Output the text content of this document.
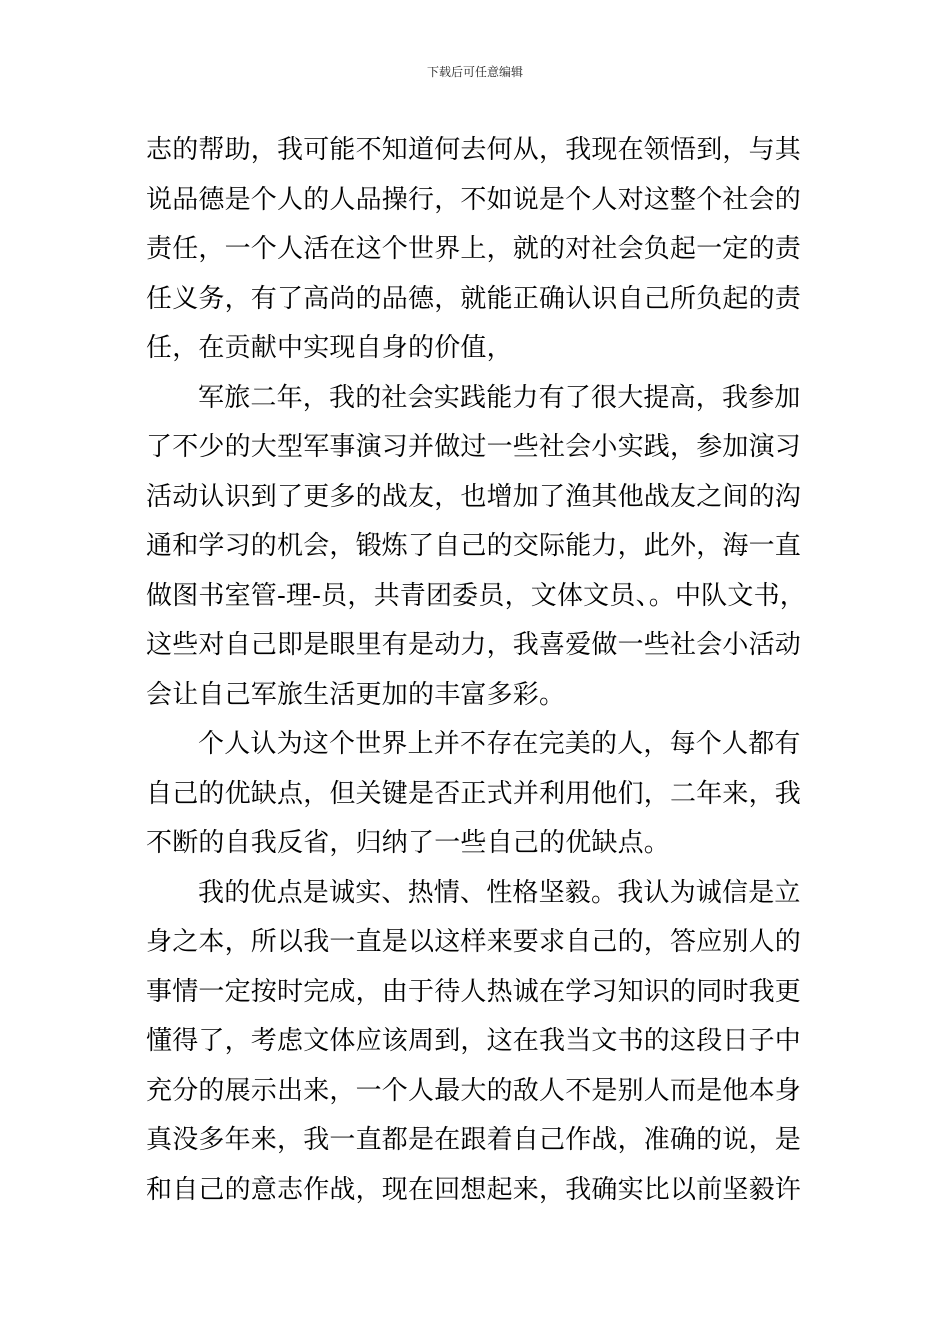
下载后可任意编辑
志的帮助，我可能不知道何去何从，我现在领悟到，与其
说品德是个人的人品操行，不如说是个人对这整个社会的
责任，一个人活在这个世界上，就的对社会负起一定的责
任义务，有了高尚的品德，就能正确认识自己所负起的责
任，在贡献中实现自身的价值，
军旅二年，我的社会实践能力有了很大提高，我参加
了不少的大型军事演习并做过一些社会小实践，参加演习
活动认识到了更多的战友，也增加了渔其他战友之间的沟
通和学习的机会，锻炼了自己的交际能力，此外，海一直
做图书室管-理-员，共青团委员，文体文员、。中队文书，
这些对自己即是眼里有是动力，我喜爱做一些社会小活动
会让自己军旅生活更加的丰富多彩。
个人认为这个世界上并不存在完美的人，每个人都有
自己的优缺点，但关键是否正式并利用他们，二年来，我
不断的自我反省，归纳了一些自己的优缺点。
我的优点是诚实、热情、性格坚毅。我认为诚信是立
身之本，所以我一直是以这样来要求自己的，答应别人的
事情一定按时完成，由于待人热诚在学习知识的同时我更
懂得了，考虑文体应该周到，这在我当文书的这段日子中
充分的展示出来，一个人最大的敌人不是别人而是他本身
真没多年来，我一直都是在跟着自己作战，准确的说，是
和自己的意志作战，现在回想起来，我确实比以前坚毅许
